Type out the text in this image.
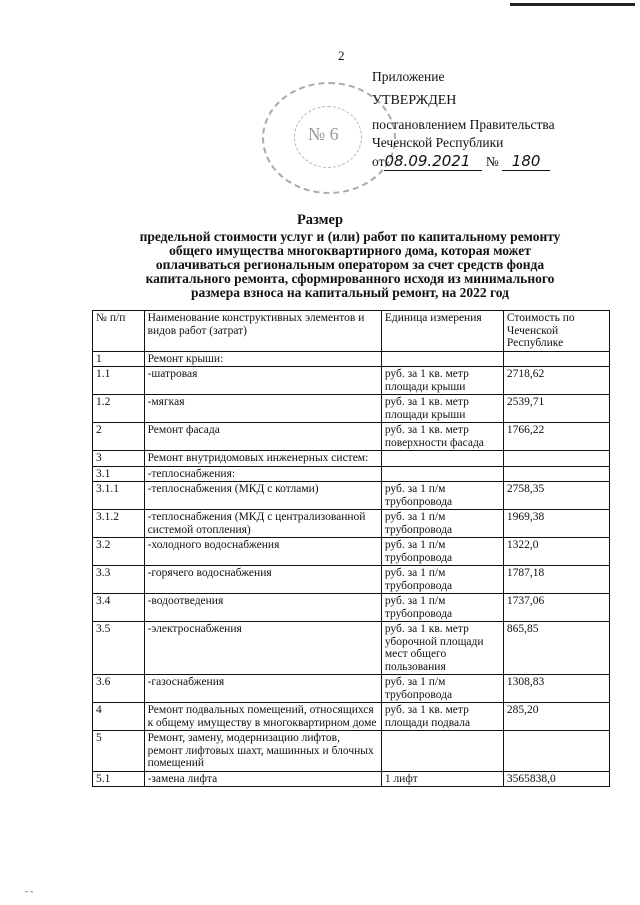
2
№ 6
Приложение
УТВЕРЖДЕН
постановлением Правительства
Чеченской Республики
от08.09.2021 № 180
Размер
предельной стоимости услуг и (или) работ по капитальному ремонту
общего имущества многоквартирного дома, которая может
оплачиваться региональным оператором за счет средств фонда
капитального ремонта, сформированного исходя из минимального
размера взноса на капитальный ремонт, на 2022 год
№ п/п	Наименование конструктивных элементов и видов работ (затрат)	Единица измерения	Стоимость по Чеченской Республике
1	Ремонт крыши:		
1.1	-шатровая	руб. за 1 кв. метр площади крыши	2718,62
1.2	-мягкая	руб. за 1 кв. метр площади крыши	2539,71
2	Ремонт фасада	руб. за 1 кв. метр поверхности фасада	1766,22
3	Ремонт внутридомовых инженерных систем:		
3.1	-теплоснабжения:		
3.1.1	-теплоснабжения (МКД с котлами)	руб. за 1 п/м трубопровода	2758,35
3.1.2	-теплоснабжения (МКД с централизованной системой отопления)	руб. за 1 п/м трубопровода	1969,38
3.2	-холодного водоснабжения	руб. за 1 п/м трубопровода	1322,0
3.3	-горячего водоснабжения	руб. за 1 п/м трубопровода	1787,18
3.4	-водоотведения	руб. за 1 п/м трубопровода	1737,06
3.5	-электроснабжения	руб. за 1 кв. метр уборочной площади мест общего пользования	865,85
3.6	-газоснабжения	руб. за 1 п/м трубопровода	1308,83
4	Ремонт подвальных помещений, относящихся к общему имуществу в многоквартирном доме	руб. за 1 кв. метр площади подвала	285,20
5	Ремонт, замену, модернизацию лифтов, ремонт лифтовых шахт, машинных и блочных помещений		
5.1	-замена лифта	1 лифт	3565838,0
- -
